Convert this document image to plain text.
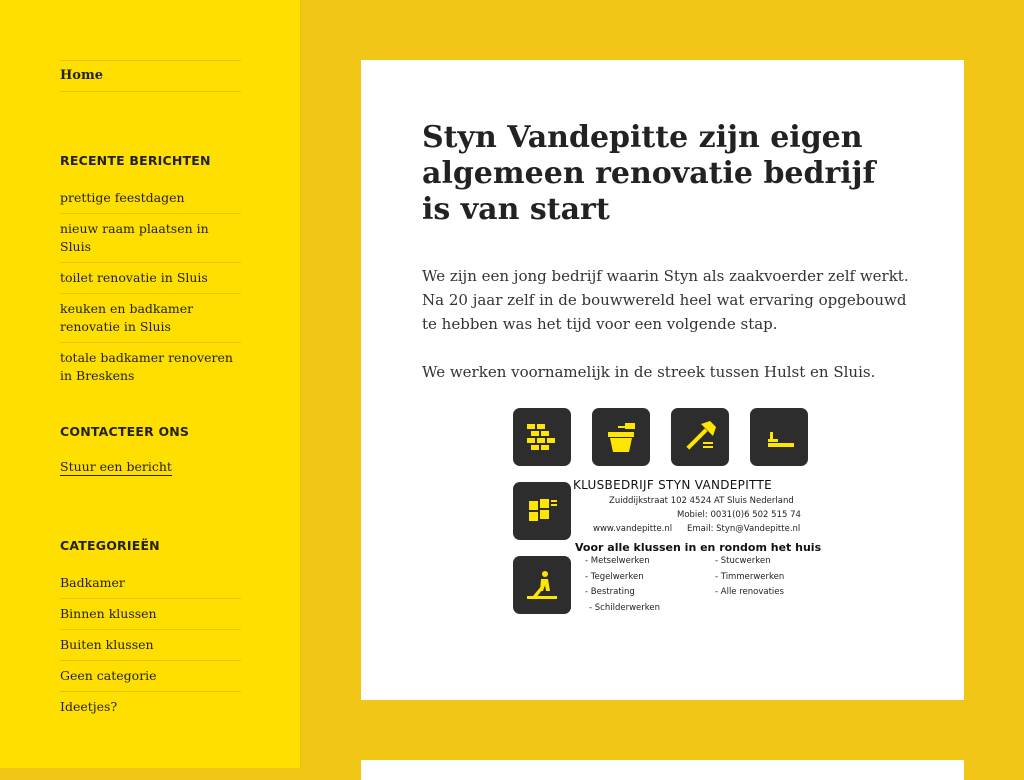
Home
RECENTE BERICHTEN
prettige feestdagen
nieuw raam plaatsen in Sluis
toilet renovatie in Sluis
keuken en badkamer renovatie in Sluis
totale badkamer renoveren in Breskens
CONTACTEER ONS
Stuur een bericht
CATEGORIEËN
Badkamer
Binnen klussen
Buiten klussen
Geen categorie
Ideetjes?
Styn Vandepitte zijn eigen algemeen renovatie bedrijf is van start

We zijn een jong bedrijf waarin Styn als zaakvoerder zelf werkt. Na 20 jaar zelf in de bouwwereld heel wat ervaring opgebouwd te hebben was het tijd voor een volgende stap.

We werken voornamelijk in de streek tussen Hulst en Sluis.

KLUSBEDRIJF STYN VANDEPITTE
Zuiddijkstraat 102 4524 AT Sluis Nederland
Mobiel: 0031(0)6 502 515 74
www.vandepitte.nl Email: Styn@Vandepitte.nl
Voor alle klussen in en rondom het huis
- Metselwerken
- Tegelwerken
- Bestrating
- Schilderwerken
- Stucwerken
- Timmerwerken
- Alle renovaties
